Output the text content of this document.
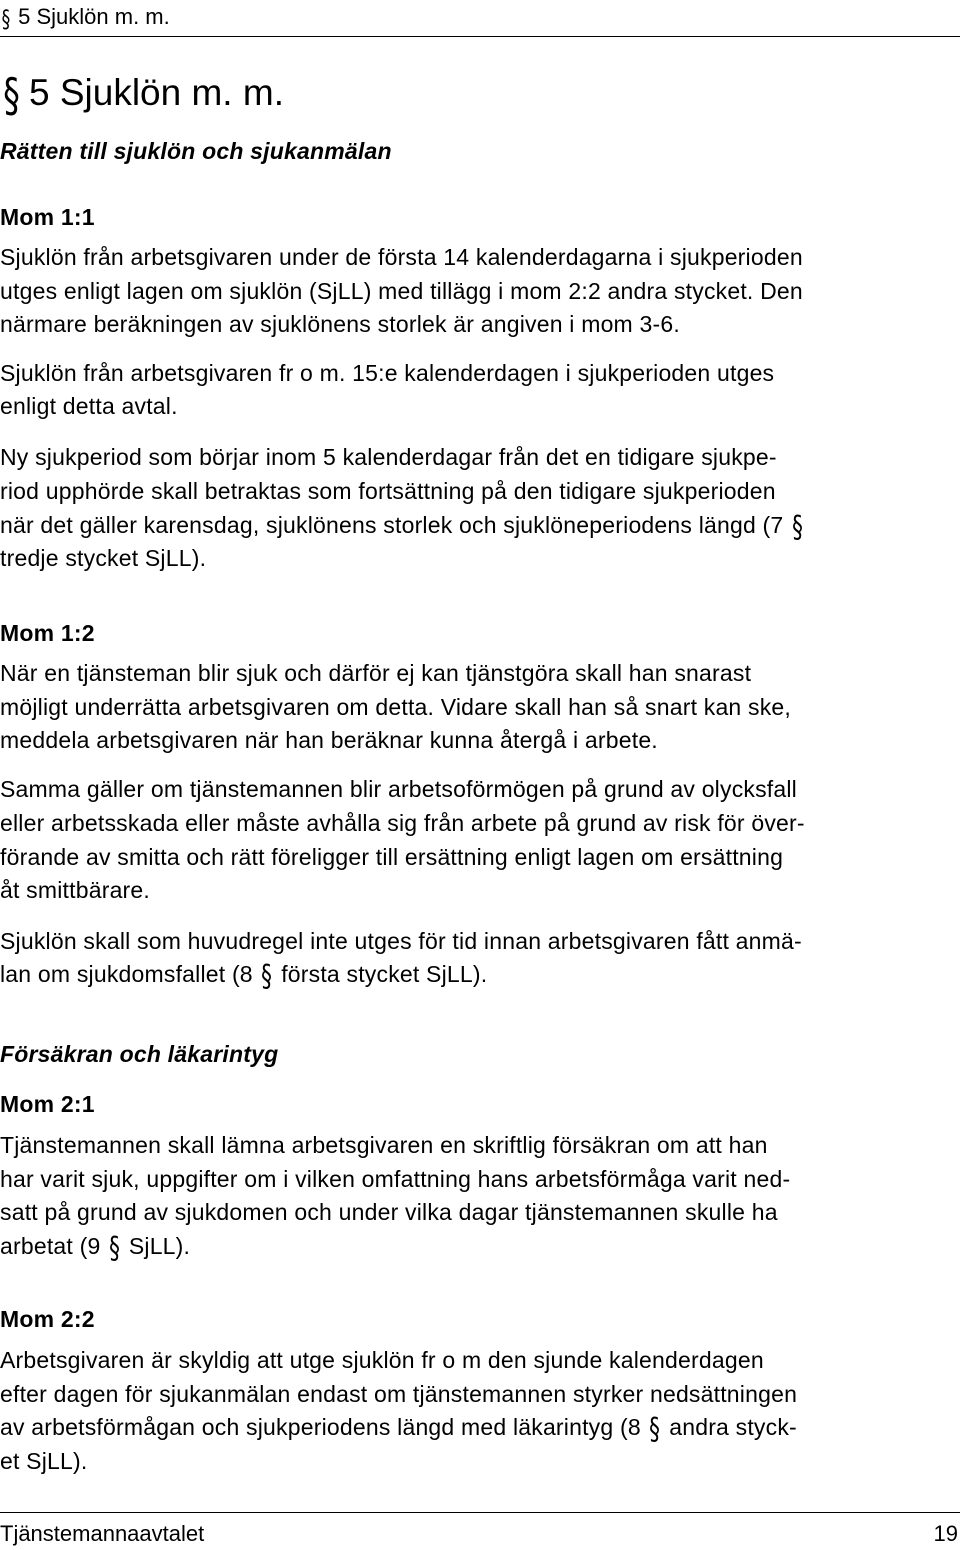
§ 5 Sjuklön m. m.
§ 5 Sjuklön m. m.
Rätten till sjuklön och sjukanmälan
Mom 1:1
Sjuklön från arbetsgivaren under de första 14 kalenderdagarna i sjukperioden
utges enligt lagen om sjuklön (SjLL) med tillägg i mom 2:2 andra stycket. Den
närmare beräkningen av sjuklönens storlek är angiven i mom 3-6.
Sjuklön från arbetsgivaren fr o m. 15:e kalenderdagen i sjukperioden utges
enligt detta avtal.
Ny sjukperiod som börjar inom 5 kalenderdagar från det en tidigare sjukpe-
riod upphörde skall betraktas som fortsättning på den tidigare sjukperioden
när det gäller karensdag, sjuklönens storlek och sjuklöneperiodens längd (7 §
tredje stycket SjLL).
Mom 1:2
När en tjänsteman blir sjuk och därför ej kan tjänstgöra skall han snarast
möjligt underrätta arbetsgivaren om detta. Vidare skall han så snart kan ske,
meddela arbetsgivaren när han beräknar kunna återgå i arbete.
Samma gäller om tjänstemannen blir arbetsoförmögen på grund av olycksfall
eller arbetsskada eller måste avhålla sig från arbete på grund av risk för över-
förande av smitta och rätt föreligger till ersättning enligt lagen om ersättning
åt smittbärare.
Sjuklön skall som huvudregel inte utges för tid innan arbetsgivaren fått anmä-
lan om sjukdomsfallet (8 § första stycket SjLL).
Försäkran och läkarintyg
Mom 2:1
Tjänstemannen skall lämna arbetsgivaren en skriftlig försäkran om att han
har varit sjuk, uppgifter om i vilken omfattning hans arbetsförmåga varit ned-
satt på grund av sjukdomen och under vilka dagar tjänstemannen skulle ha
arbetat (9 § SjLL).
Mom 2:2
Arbetsgivaren är skyldig att utge sjuklön fr o m den sjunde kalenderdagen
efter dagen för sjukanmälan endast om tjänstemannen styrker nedsättningen
av arbetsförmågan och sjukperiodens längd med läkarintyg (8 § andra styck-
et SjLL).
Tjänstemannaavtalet	19
